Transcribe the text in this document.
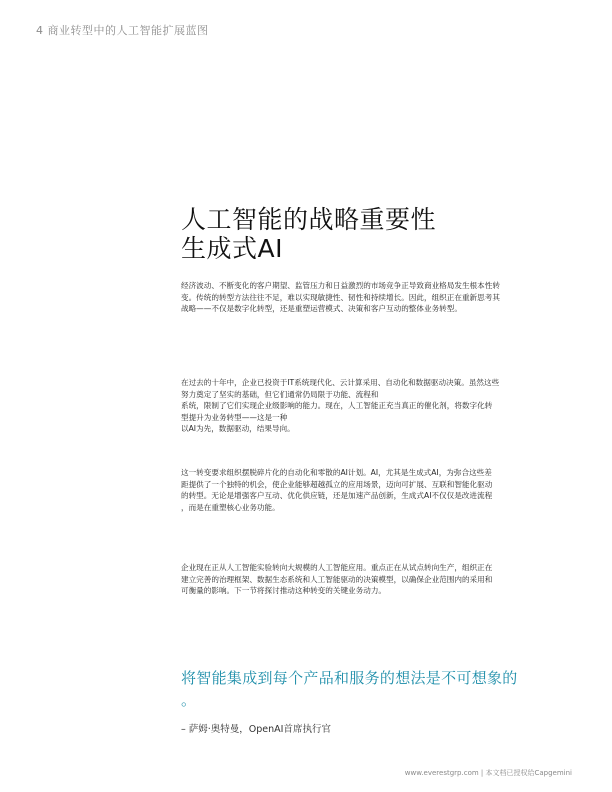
4 商业转型中的人工智能扩展蓝图
人工智能的战略重要性
生成式AI

经济波动、不断变化的客户期望、监管压力和日益激烈的市场竞争正导致商业格局发生根本性转
变。传统的转型方法往往不足，难以实现敏捷性、韧性和持续增长。因此，组织正在重新思考其
战略——不仅是数字化转型，还是重塑运营模式、决策和客户互动的整体业务转型。

在过去的十年中，企业已投资于IT系统现代化、云计算采用、自动化和数据驱动决策。虽然这些
努力奠定了坚实的基础，但它们通常仍局限于功能、流程和
系统，限制了它们实现企业级影响的能力。现在，人工智能正充当真正的催化剂，将数字化转
型提升为业务转型——这是一种
以AI为先，数据驱动，结果导向。

这一转变要求组织摆脱碎片化的自动化和零散的AI计划。AI，尤其是生成式AI，为弥合这些差
距提供了一个独特的机会，使企业能够超越孤立的应用场景，迈向可扩展、互联和智能化驱动
的转型。无论是增强客户互动、优化供应链，还是加速产品创新，生成式AI不仅仅是改进流程
，而是在重塑核心业务功能。

企业现在正从人工智能实验转向大规模的人工智能应用。重点正在从试点转向生产，组织正在
建立完善的治理框架、数据生态系统和人工智能驱动的决策模型，以确保企业范围内的采用和
可衡量的影响。下一节将探讨推动这种转变的关键业务动力。

将智能集成到每个产品和服务的想法是不可想象的
。
– 萨姆·奥特曼，OpenAI首席执行官
www.everestgrp.com | 本文档已授权给Capgemini
